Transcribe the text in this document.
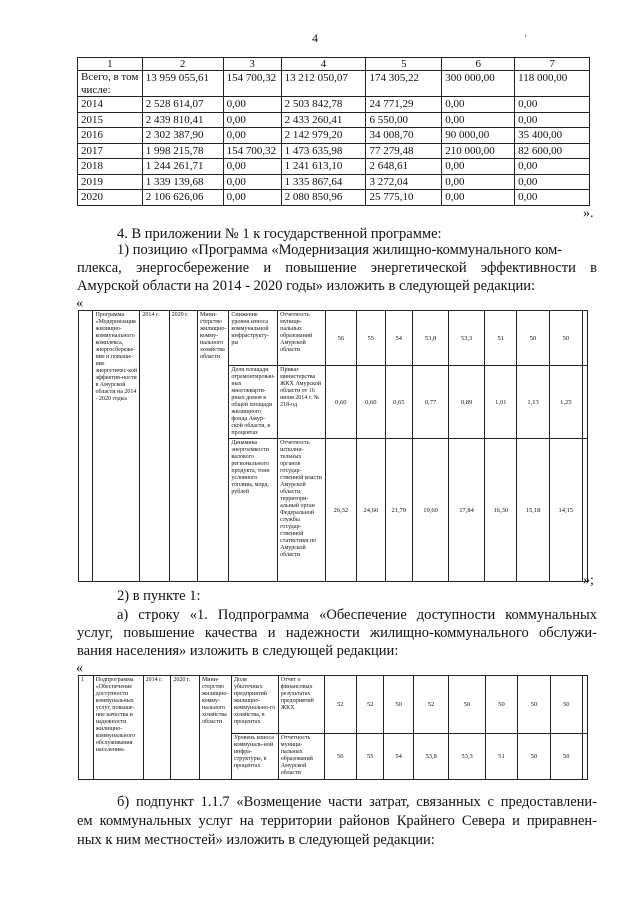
4	'
1	2	3	4	5	6	7
Всего, в том числе:	13 959 055,61	154 700,32	13 212 050,07	174 305,22	300 000,00	118 000,00
2014	2 528 614,07	0,00	2 503 842,78	24 771,29	0,00	0,00
2015	2 439 810,41	0,00	2 433 260,41	6 550,00	0,00	0,00
2016	2 302 387,90	0,00	2 142 979,20	34 008,70	90 000,00	35 400,00
2017	1 998 215,78	154 700,32	1 473 635,98	77 279,48	210 000,00	82 600,00
2018	1 244 261,71	0,00	1 241 613,10	2 648,61	0,00	0,00
2019	1 339 139,68	0,00	1 335 867,64	3 272,04	0,00	0,00
2020	2 106 626,06	0,00	2 080 850,96	25 775,10	0,00	0,00
».
4. В приложении № 1 к государственной программе:
1) позицию «Программа «Модернизация жилищно-коммунального ком-
плекса, энергосбережение и повышение энергетической эффективности в
Амурской области на 2014 - 2020 годы» изложить в следующей редакции:
«
	Программа «Модернизация жилищно-коммунального комплекса, энергосбереже-ние и повыше-ние энергетичес-кой эффектив-ности в Амурской области на 2014 - 2020 годы»	2014 г.	2020 г.	Мини-стерство жилищно-комму-нального хозяйства области	Снижение уровня износа коммунальной инфраструкту-ры	Отчетность муници-пальных образований Амурской области	56	55	54	53,8	53,3	51	50	50	
					Доля площади отремонтирован-ных многокварти-рных домов в общей площади жилищного фонда Амур-ской области, в процентах	Приказ министерства ЖКХ Амурской области от 16 июня 2014 г. № 218-од	0,60	0,60	0,65	0,77	0,89	1,01	1,13	1,25	
					Динамика энергоемкости валового регионального продукта, тонн условного топлива, млрд. рублей	Отчетность исполни-тельных органов государ-ственной власти Амурской области, территори-альный орган Федеральной службы государ-ственной статистики по Амурской области	26,32	24,60	21,79	19,60	17,84	16,30	15,18	14,15	
»;
2) в пункте 1:
а) строку «1. Подпрограмма «Обеспечение доступности коммунальных
услуг, повышение качества и надежности жилищно-коммунального обслужи-
вания населения» изложить в следующей редакции:
«
1	Подпрограмма «Обеспечение доступности коммунальных услуг, повыше-ние качества и надежности жилищно-коммунального обслуживания населения»	2014 г.	2020 г.	Мини-стерство жилищно-комму-нального хозяйства области	Доля убыточных предприятий жилищно-коммунально-го хозяйства, в процентах	Отчет о финансовых результатах предприятий ЖКХ	52	52	50	52	50	50	50	50	
					Уровень износа коммуналь-ной инфра-структуры, в процентах	Отчетность муници-пальных образований Амурской области	56	55	54	53,8	53,3	51	50	50	
б) подпункт 1.1.7 «Возмещение части затрат, связанных с предоставлени-
ем коммунальных услуг на территории районов Крайнего Севера и приравнен-
ных к ним местностей» изложить в следующей редакции:
